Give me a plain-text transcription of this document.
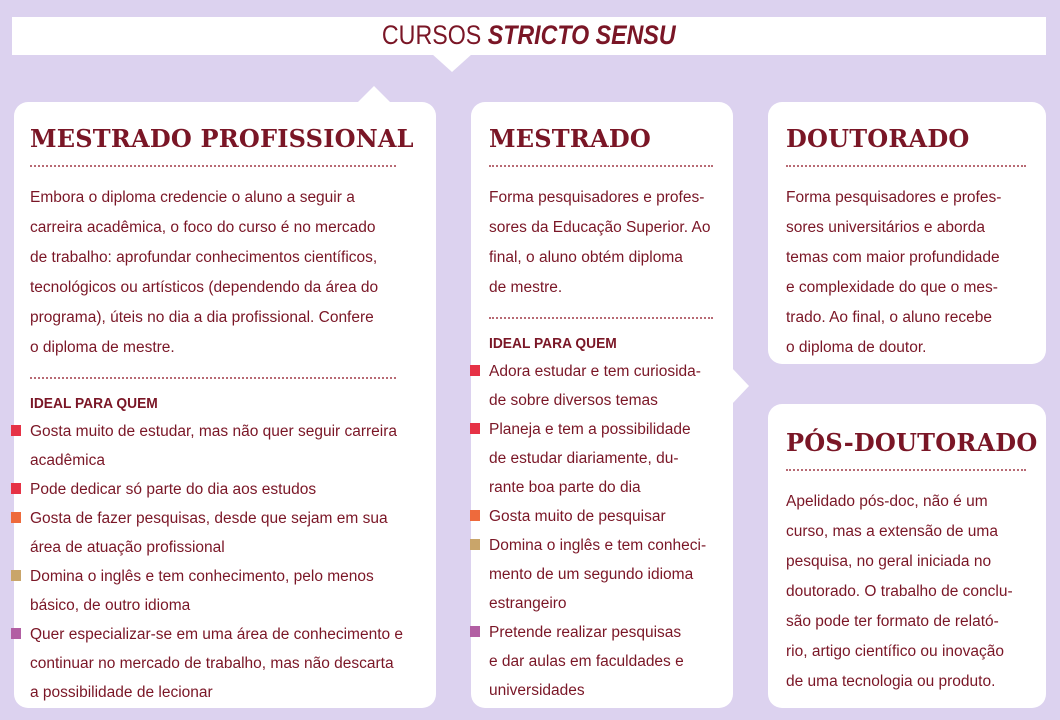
CURSOS STRICTO SENSU
MESTRADO PROFISSIONAL

Embora o diploma credencie o aluno a seguir a
carreira acadêmica, o foco do curso é no mercado
de trabalho: aprofundar conhecimentos científicos,
tecnológicos ou artísticos (dependendo da área do
programa), úteis no dia a dia profissional. Confere
o diploma de mestre.

IDEAL PARA QUEM
Gosta muito de estudar, mas não quer seguir carreira
acadêmica
Pode dedicar só parte do dia aos estudos
Gosta de fazer pesquisas, desde que sejam em sua
área de atuação profissional
Domina o inglês e tem conhecimento, pelo menos
básico, de outro idioma
Quer especializar-se em uma área de conhecimento e
continuar no mercado de trabalho, mas não descarta
a possibilidade de lecionar
MESTRADO

Forma pesquisadores e profes-
sores da Educação Superior. Ao
final, o aluno obtém diploma
de mestre.

IDEAL PARA QUEM
Adora estudar e tem curiosida-
de sobre diversos temas
Planeja e tem a possibilidade
de estudar diariamente, du-
rante boa parte do dia
Gosta muito de pesquisar
Domina o inglês e tem conheci-
mento de um segundo idioma
estrangeiro
Pretende realizar pesquisas
e dar aulas em faculdades e
universidades
DOUTORADO

Forma pesquisadores e profes-
sores universitários e aborda
temas com maior profundidade
e complexidade do que o mes-
trado. Ao final, o aluno recebe
o diploma de doutor.

PÓS-DOUTORADO

Apelidado pós-doc, não é um
curso, mas a extensão de uma
pesquisa, no geral iniciada no
doutorado. O trabalho de conclu-
são pode ter formato de relató-
rio, artigo científico ou inovação
de uma tecnologia ou produto.
